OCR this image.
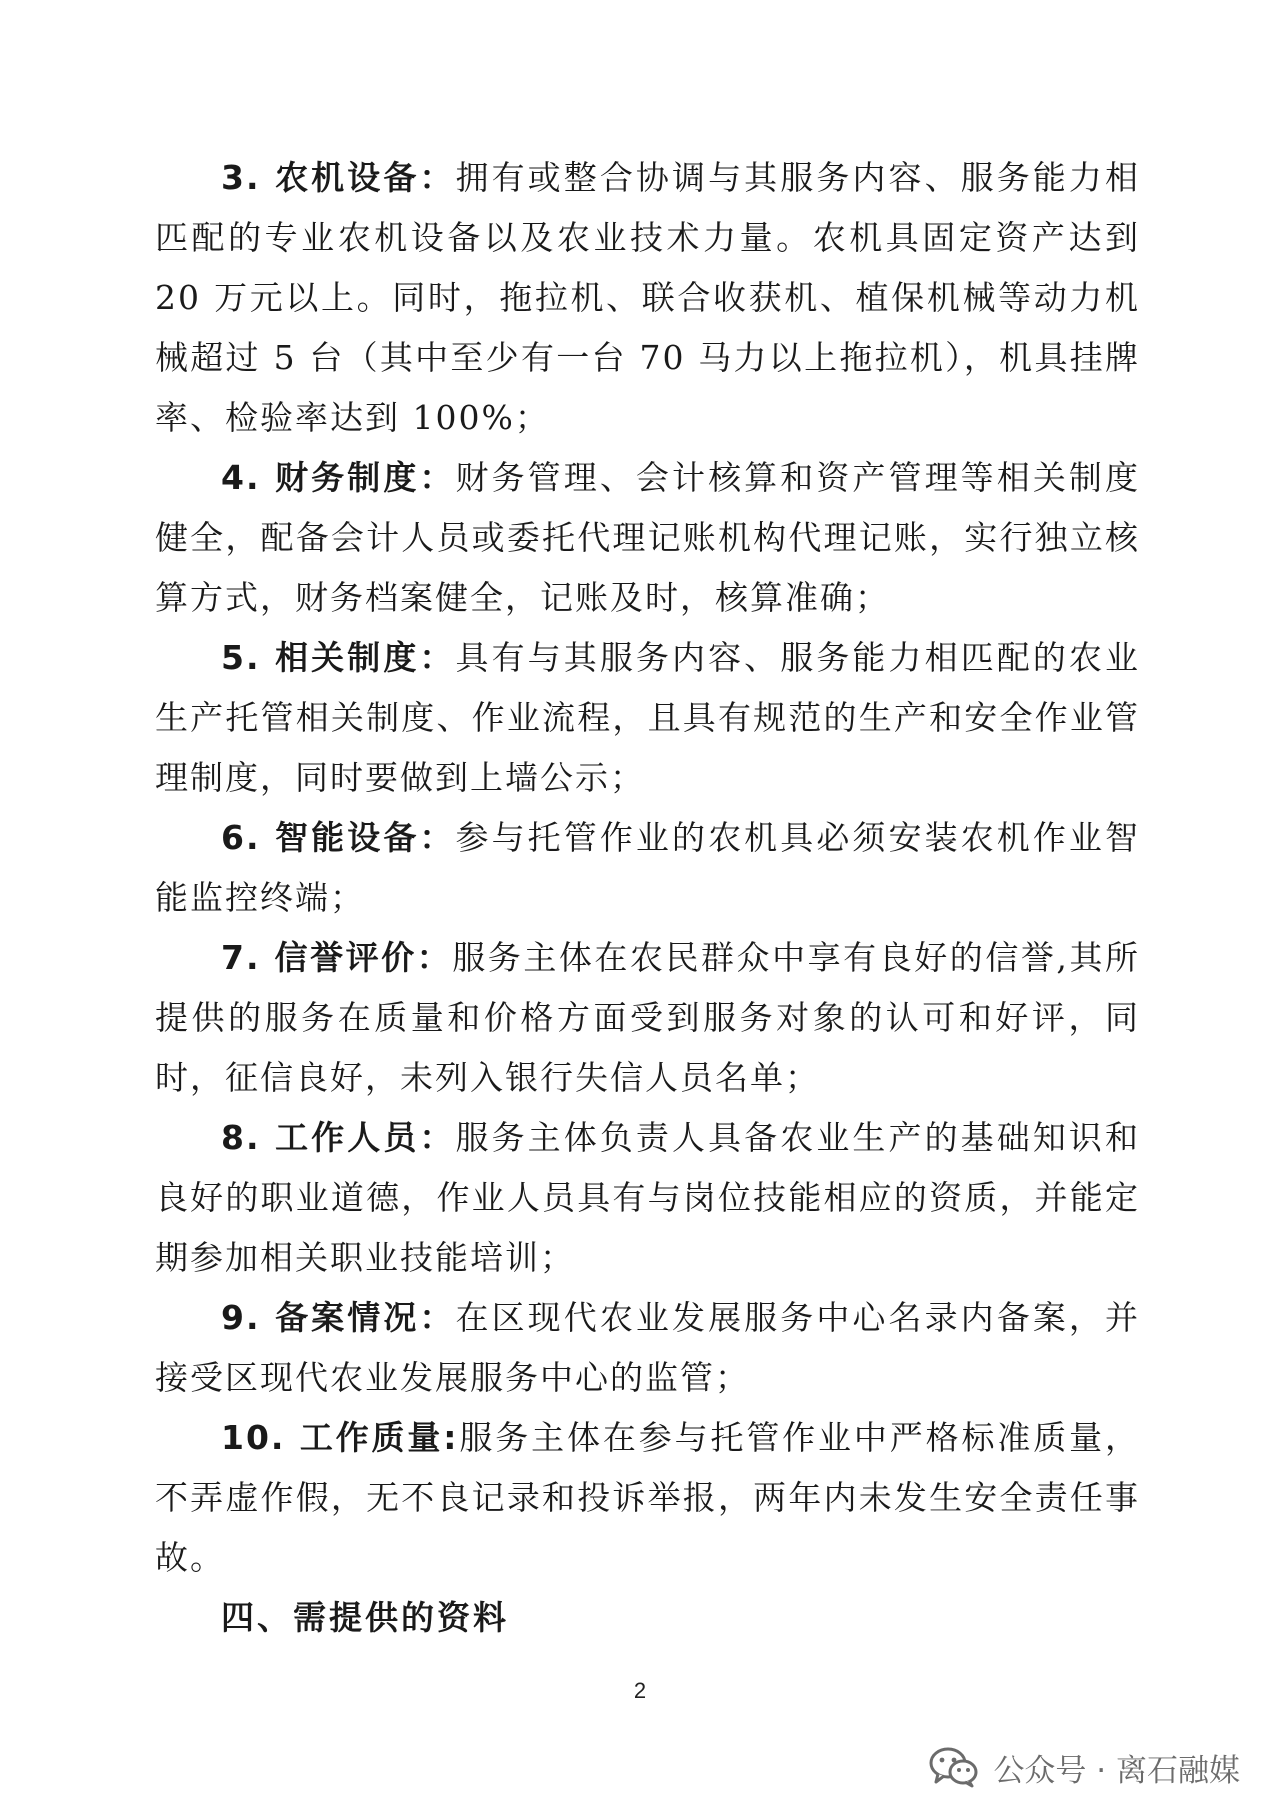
3. 农机设备：拥有或整合协调与其服务内容、服务能力相匹配的专业农机设备以及农业技术力量。农机具固定资产达到 20 万元以上。同时，拖拉机、联合收获机、植保机械等动力机械超过 5 台（其中至少有一台 70 马力以上拖拉机），机具挂牌率、检验率达到 100%；

4. 财务制度：财务管理、会计核算和资产管理等相关制度健全，配备会计人员或委托代理记账机构代理记账，实行独立核算方式，财务档案健全，记账及时，核算准确；

5. 相关制度：具有与其服务内容、服务能力相匹配的农业生产托管相关制度、作业流程，且具有规范的生产和安全作业管理制度，同时要做到上墙公示；

6. 智能设备：参与托管作业的农机具必须安装农机作业智能监控终端；

7. 信誉评价：服务主体在农民群众中享有良好的信誉,其所提供的服务在质量和价格方面受到服务对象的认可和好评，同时，征信良好，未列入银行失信人员名单；

8. 工作人员：服务主体负责人具备农业生产的基础知识和良好的职业道德，作业人员具有与岗位技能相应的资质，并能定期参加相关职业技能培训；

9. 备案情况：在区现代农业发展服务中心名录内备案，并接受区现代农业发展服务中心的监管；

10. 工作质量:服务主体在参与托管作业中严格标准质量，不弄虚作假，无不良记录和投诉举报，两年内未发生安全责任事故。

四、需提供的资料

2
公众号 · 离石融媒
